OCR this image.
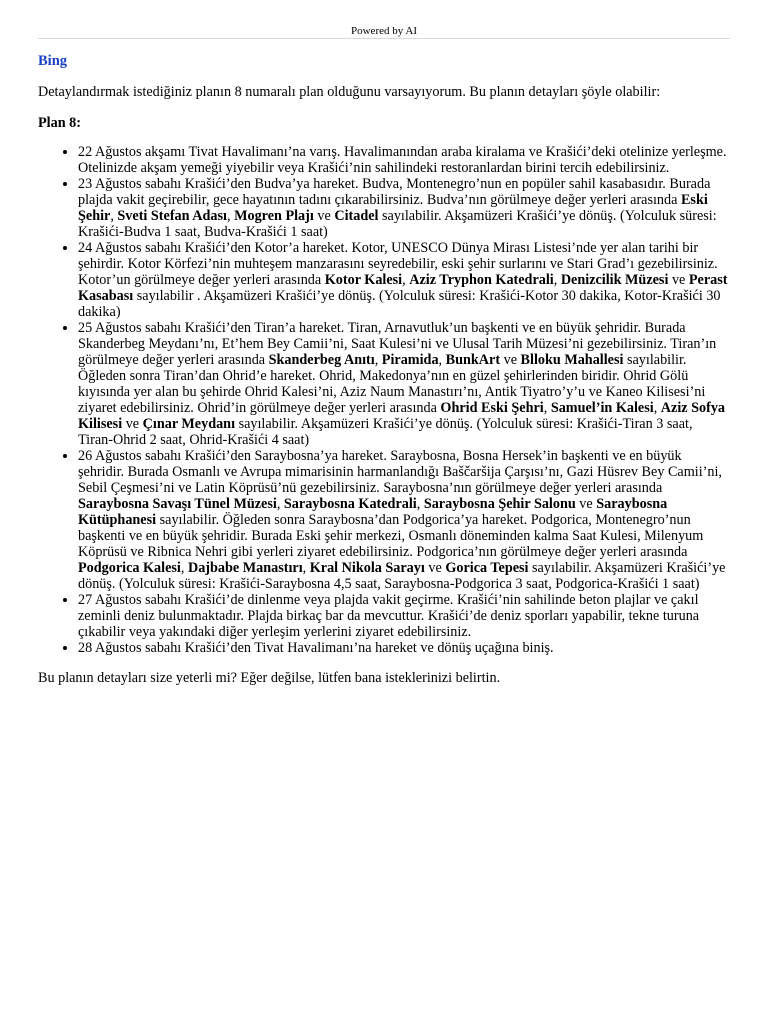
Powered by AI
Bing
Detaylandırmak istediğiniz planın 8 numaralı plan olduğunu varsayıyorum. Bu planın detayları şöyle olabilir:
Plan 8:
• 22 Ağustos akşamı Tivat Havalimanı’na varış. Havalimanından araba kiralama ve Krašići’deki otelinize yerleşme. Otelinizde akşam yemeği yiyebilir veya Krašići’nin sahilindeki restoranlardan birini tercih edebilirsiniz.
• 23 Ağustos sabahı Krašići’den Budva’ya hareket. Budva, Montenegro’nun en popüler sahil kasabasıdır. Burada plajda vakit geçirebilir, gece hayatının tadını çıkarabilirsiniz. Budva’nın görülmeye değer yerleri arasında Eski Şehir, Sveti Stefan Adası, Mogren Plajı ve Citadel sayılabilir. Akşamüzeri Krašići’ye dönüş. (Yolculuk süresi: Krašići-Budva 1 saat, Budva-Krašići 1 saat)
• 24 Ağustos sabahı Krašići’den Kotor’a hareket. Kotor, UNESCO Dünya Mirası Listesi’nde yer alan tarihi bir şehirdir. Kotor Körfezi’nin muhteşem manzarasını seyredebilir, eski şehir surlarını ve Stari Grad’ı gezebilirsiniz. Kotor’un görülmeye değer yerleri arasında Kotor Kalesi, Aziz Tryphon Katedrali, Denizcilik Müzesi ve Perast Kasabası sayılabilir . Akşamüzeri Krašići’ye dönüş. (Yolculuk süresi: Krašići-Kotor 30 dakika, Kotor-Krašići 30 dakika)
• 25 Ağustos sabahı Krašići’den Tiran’a hareket. Tiran, Arnavutluk’un başkenti ve en büyük şehridir. Burada Skanderbeg Meydanı’nı, Et’hem Bey Camii’ni, Saat Kulesi’ni ve Ulusal Tarih Müzesi’ni gezebilirsiniz. Tiran’ın görülmeye değer yerleri arasında Skanderbeg Anıtı, Piramida, BunkArt ve Blloku Mahallesi sayılabilir. Öğleden sonra Tiran’dan Ohrid’e hareket. Ohrid, Makedonya’nın en güzel şehirlerinden biridir. Ohrid Gölü kıyısında yer alan bu şehirde Ohrid Kalesi’ni, Aziz Naum Manastırı’nı, Antik Tiyatro’y’u ve Kaneo Kilisesi’ni ziyaret edebilirsiniz. Ohrid’in görülmeye değer yerleri arasında Ohrid Eski Şehri, Samuel’in Kalesi, Aziz Sofya Kilisesi ve Çınar Meydanı sayılabilir. Akşamüzeri Krašići’ye dönüş. (Yolculuk süresi: Krašići-Tiran 3 saat, Tiran-Ohrid 2 saat, Ohrid-Krašići 4 saat)
• 26 Ağustos sabahı Krašići’den Saraybosna’ya hareket. Saraybosna, Bosna Hersek’in başkenti ve en büyük şehridir. Burada Osmanlı ve Avrupa mimarisinin harmanlandığı Baščaršija Çarşısı’nı, Gazi Hüsrev Bey Camii’ni, Sebil Çeşmesi’ni ve Latin Köprüsü’nü gezebilirsiniz. Saraybosna’nın görülmeye değer yerleri arasında Saraybosna Savaşı Tünel Müzesi, Saraybosna Katedrali, Saraybosna Şehir Salonu ve Saraybosna Kütüphanesi sayılabilir. Öğleden sonra Saraybosna’dan Podgorica’ya hareket. Podgorica, Montenegro’nun başkenti ve en büyük şehridir. Burada Eski şehir merkezi, Osmanlı döneminden kalma Saat Kulesi, Milenyum Köprüsü ve Ribnica Nehri gibi yerleri ziyaret edebilirsiniz. Podgorica’nın görülmeye değer yerleri arasında Podgorica Kalesi, Dajbabe Manastırı, Kral Nikola Sarayı ve Gorica Tepesi sayılabilir. Akşamüzeri Krašići’ye dönüş. (Yolculuk süresi: Krašići-Saraybosna 4,5 saat, Saraybosna-Podgorica 3 saat, Podgorica-Krašići 1 saat)
• 27 Ağustos sabahı Krašići’de dinlenme veya plajda vakit geçirme. Krašići’nin sahilinde beton plajlar ve çakıl zeminli deniz bulunmaktadır. Plajda birkaç bar da mevcuttur. Krašići’de deniz sporları yapabilir, tekne turuna çıkabilir veya yakındaki diğer yerleşim yerlerini ziyaret edebilirsiniz.
• 28 Ağustos sabahı Krašići’den Tivat Havalimanı’na hareket ve dönüş uçağına biniş.
Bu planın detayları size yeterli mi? Eğer değilse, lütfen bana isteklerinizi belirtin.
